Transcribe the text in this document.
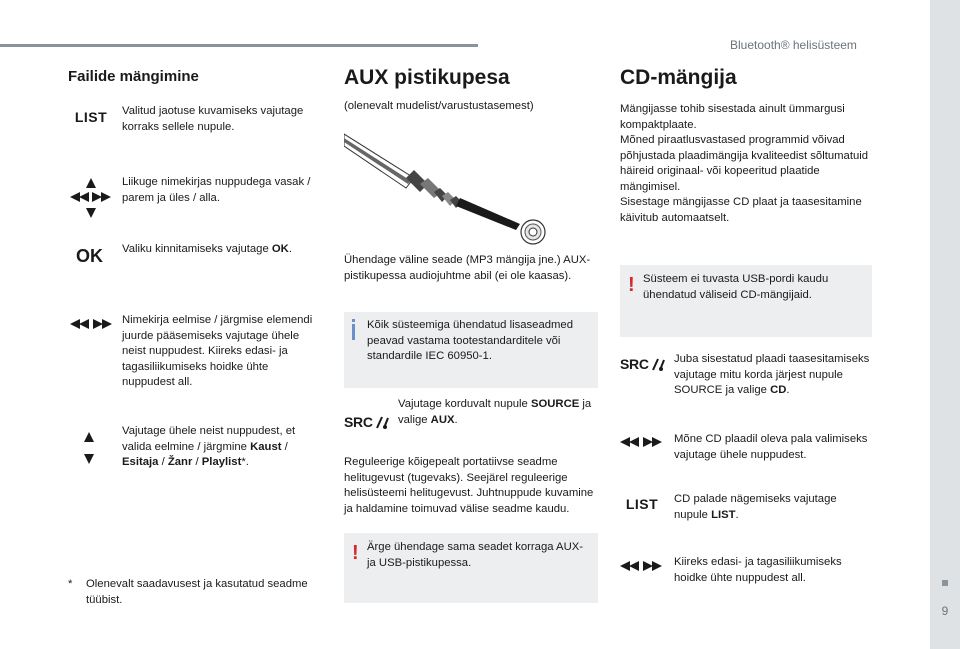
Bluetooth® helisüsteem
9
Failide mängimine
LIST	Valitud jaotuse kuvamiseks vajutage korraks sellele nupule.
Liikuge nimekirjas nuppudega vasak / parem ja üles / alla.
OK Valiku kinnitamiseks vajutage OK.
Nimekirja eelmise / järgmise elemendi juurde pääsemiseks vajutage ühele neist nuppudest. Kiireks edasi- ja tagasiliikumiseks hoidke ühte nuppudest all.
Vajutage ühele neist nuppudest, et valida eelmine / järgmine Kaust / Esitaja / Žanr / Playlist*.
* Olenevalt saadavusest ja kasutatud seadme tüübist.
AUX pistikupesa
(olenevalt mudelist/varustustasemest)
Ühendage väline seade (MP3 mängija jne.) AUX-pistikupessa audiojuhtme abil (ei ole kaasas).
Kõik süsteemiga ühendatud lisaseadmed peavad vastama tootestandarditele või standardile IEC 60950-1.
SRC
Vajutage korduvalt nupule SOURCE ja valige AUX.
Reguleerige kõigepealt portatiivse seadme helitugevust (tugevaks). Seejärel reguleerige helisüsteemi helitugevust. Juhtnuppude kuvamine ja haldamine toimuvad välise seadme kaudu.
! Ärge ühendage sama seadet korraga AUX-ja USB-pistikupessa.
CD-mängija
Mängijasse tohib sisestada ainult ümmargusi kompaktplaate.
Mõned piraatlusvastased programmid võivad põhjustada plaadimängija kvaliteedist sõltumatuid häireid originaal- või kopeeritud plaatide mängimisel.
Sisestage mängijasse CD plaat ja taasesitamine käivitub automaatselt.
! Süsteem ei tuvasta USB-pordi kaudu ühendatud väliseid CD-mängijaid.
SRC Juba sisestatud plaadi taasesitamiseks vajutage mitu korda järjest nupule SOURCE ja valige CD.
Mõne CD plaadil oleva pala valimiseks vajutage ühele nuppudest.
LIST	CD palade nägemiseks vajutage nupule LIST.
Kiireks edasi- ja tagasiliikumiseks hoidke ühte nuppudest all.
